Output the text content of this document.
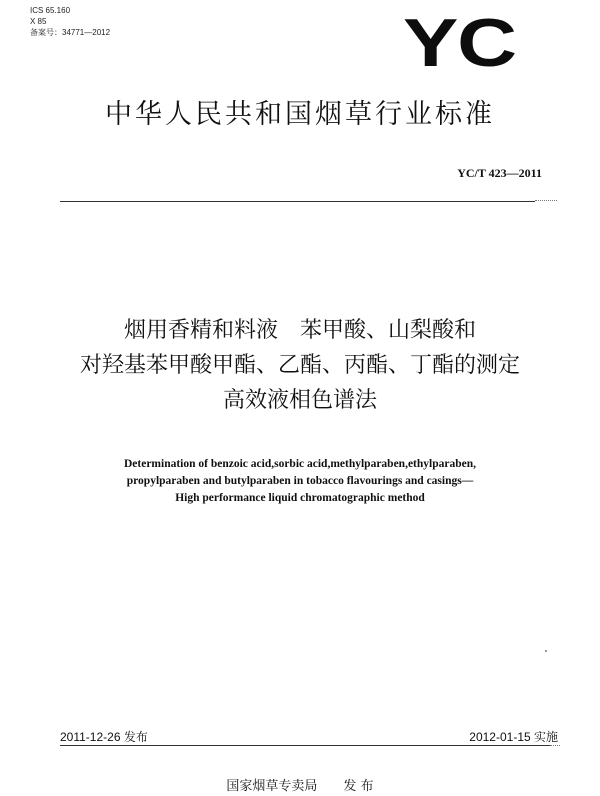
ICS 65.160
X 85
备案号：34771—2012	YC
中华人民共和国烟草行业标准
YC/T 423—2011
烟用香精和料液　苯甲酸、山梨酸和
对羟基苯甲酸甲酯、乙酯、丙酯、丁酯的测定
高效液相色谱法
Determination of benzoic acid,sorbic acid,methylparaben,ethylparaben,
propylparaben and butylparaben in tobacco flavourings and casings—
High performance liquid chromatographic method
2011-12-26 发布	2012-01-15 实施
国家烟草专卖局　　发 布
